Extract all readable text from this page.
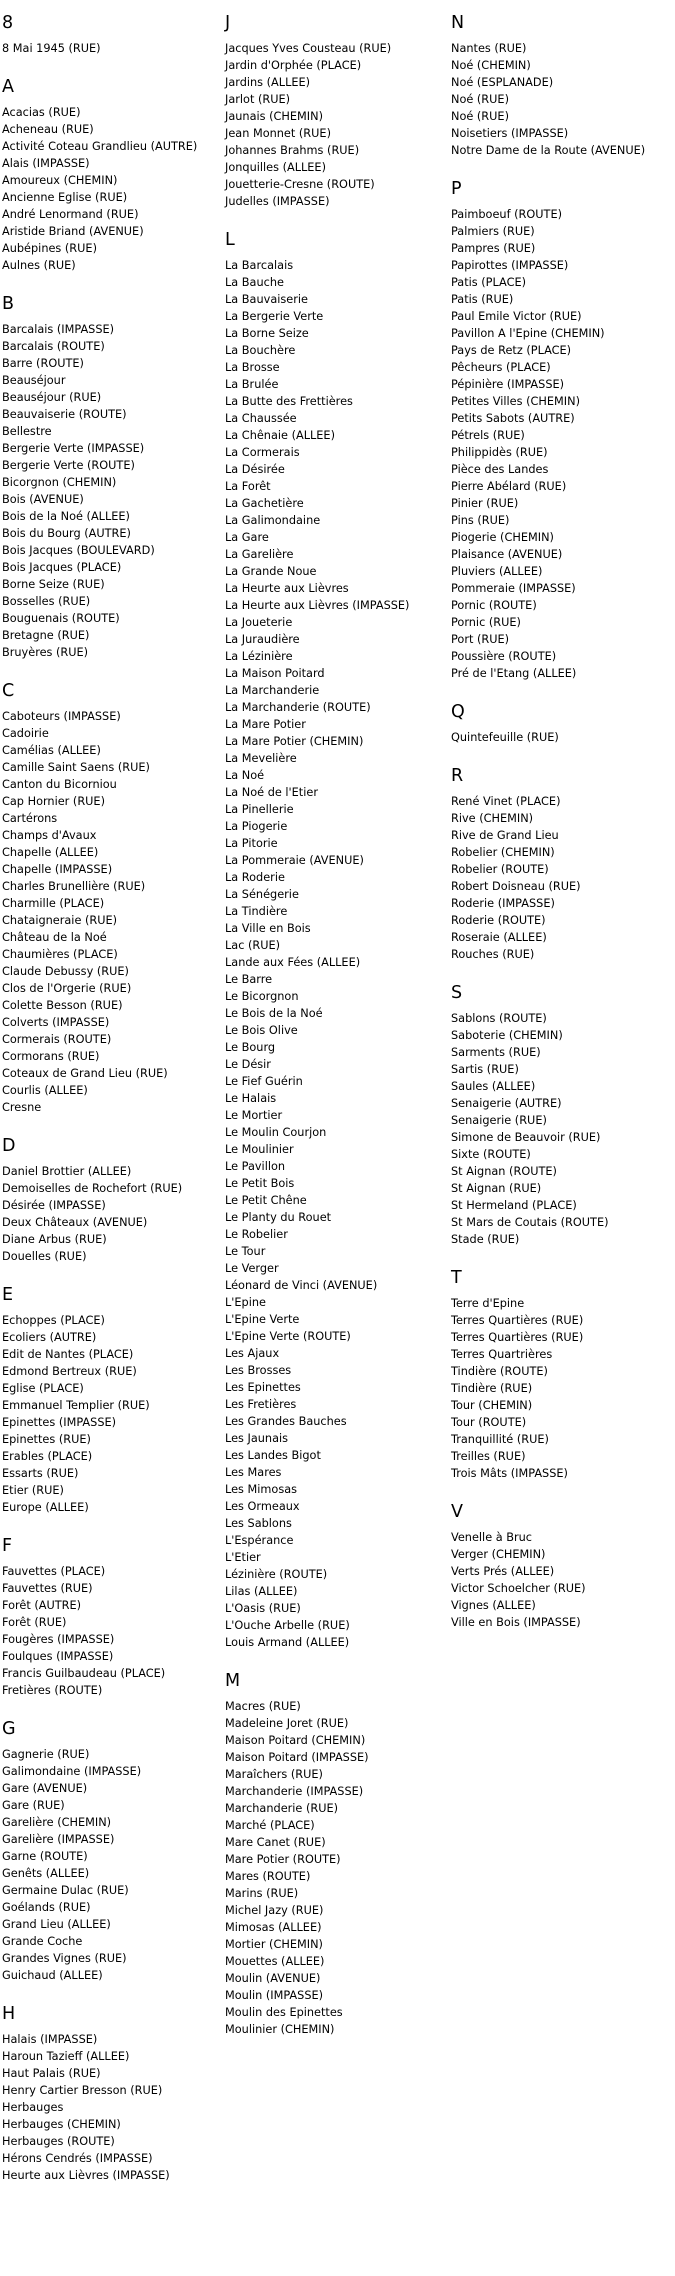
8
8 Mai 1945 (RUE)
A
Acacias (RUE)
Acheneau (RUE)
Activité Coteau Grandlieu (AUTRE)
Alais (IMPASSE)
Amoureux (CHEMIN)
Ancienne Eglise (RUE)
André Lenormand (RUE)
Aristide Briand (AVENUE)
Aubépines (RUE)
Aulnes (RUE)
B
Barcalais (IMPASSE)
Barcalais (ROUTE)
Barre (ROUTE)
Beauséjour
Beauséjour (RUE)
Beauvaiserie (ROUTE)
Bellestre
Bergerie Verte (IMPASSE)
Bergerie Verte (ROUTE)
Bicorgnon (CHEMIN)
Bois (AVENUE)
Bois de la Noé (ALLEE)
Bois du Bourg (AUTRE)
Bois Jacques (BOULEVARD)
Bois Jacques (PLACE)
Borne Seize (RUE)
Bosselles (RUE)
Bouguenais (ROUTE)
Bretagne (RUE)
Bruyères (RUE)
C
Caboteurs (IMPASSE)
Cadoirie
Camélias (ALLEE)
Camille Saint Saens (RUE)
Canton du Bicorniou
Cap Hornier (RUE)
Cartérons
Champs d'Avaux
Chapelle (ALLEE)
Chapelle (IMPASSE)
Charles Brunellière (RUE)
Charmille (PLACE)
Chataigneraie (RUE)
Château de la Noé
Chaumières (PLACE)
Claude Debussy (RUE)
Clos de l'Orgerie (RUE)
Colette Besson (RUE)
Colverts (IMPASSE)
Cormerais (ROUTE)
Cormorans (RUE)
Coteaux de Grand Lieu (RUE)
Courlis (ALLEE)
Cresne
D
Daniel Brottier (ALLEE)
Demoiselles de Rochefort (RUE)
Désirée (IMPASSE)
Deux Châteaux (AVENUE)
Diane Arbus (RUE)
Douelles (RUE)
E
Echoppes (PLACE)
Ecoliers (AUTRE)
Edit de Nantes (PLACE)
Edmond Bertreux (RUE)
Eglise (PLACE)
Emmanuel Templier (RUE)
Epinettes (IMPASSE)
Epinettes (RUE)
Erables (PLACE)
Essarts (RUE)
Etier (RUE)
Europe (ALLEE)
F
Fauvettes (PLACE)
Fauvettes (RUE)
Forêt (AUTRE)
Forêt (RUE)
Fougères (IMPASSE)
Foulques (IMPASSE)
Francis Guilbaudeau (PLACE)
Fretières (ROUTE)
G
Gagnerie (RUE)
Galimondaine (IMPASSE)
Gare (AVENUE)
Gare (RUE)
Garelière (CHEMIN)
Garelière (IMPASSE)
Garne (ROUTE)
Genêts (ALLEE)
Germaine Dulac (RUE)
Goélands (RUE)
Grand Lieu (ALLEE)
Grande Coche
Grandes Vignes (RUE)
Guichaud (ALLEE)
H
Halais (IMPASSE)
Haroun Tazieff (ALLEE)
Haut Palais (RUE)
Henry Cartier Bresson (RUE)
Herbauges
Herbauges (CHEMIN)
Herbauges (ROUTE)
Hérons Cendrés (IMPASSE)
Heurte aux Lièvres (IMPASSE)
J
Jacques Yves Cousteau (RUE)
Jardin d'Orphée (PLACE)
Jardins (ALLEE)
Jarlot (RUE)
Jaunais (CHEMIN)
Jean Monnet (RUE)
Johannes Brahms (RUE)
Jonquilles (ALLEE)
Jouetterie-Cresne (ROUTE)
Judelles (IMPASSE)
L
La Barcalais
La Bauche
La Bauvaiserie
La Bergerie Verte
La Borne Seize
La Bouchère
La Brosse
La Brulée
La Butte des Frettières
La Chaussée
La Chênaie (ALLEE)
La Cormerais
La Désirée
La Forêt
La Gachetière
La Galimondaine
La Gare
La Garelière
La Grande Noue
La Heurte aux Lièvres
La Heurte aux Lièvres (IMPASSE)
La Joueterie
La Juraudière
La Lézinière
La Maison Poitard
La Marchanderie
La Marchanderie (ROUTE)
La Mare Potier
La Mare Potier (CHEMIN)
La Mevelière
La Noé
La Noé de l'Etier
La Pinellerie
La Piogerie
La Pitorie
La Pommeraie (AVENUE)
La Roderie
La Sénégerie
La Tindière
La Ville en Bois
Lac (RUE)
Lande aux Fées (ALLEE)
Le Barre
Le Bicorgnon
Le Bois de la Noé
Le Bois Olive
Le Bourg
Le Désir
Le Fief Guérin
Le Halais
Le Mortier
Le Moulin Courjon
Le Moulinier
Le Pavillon
Le Petit Bois
Le Petit Chêne
Le Planty du Rouet
Le Robelier
Le Tour
Le Verger
Léonard de Vinci (AVENUE)
L'Epine
L'Epine Verte
L'Epine Verte (ROUTE)
Les Ajaux
Les Brosses
Les Epinettes
Les Fretières
Les Grandes Bauches
Les Jaunais
Les Landes Bigot
Les Mares
Les Mimosas
Les Ormeaux
Les Sablons
L'Espérance
L'Etier
Lézinière (ROUTE)
Lilas (ALLEE)
L'Oasis (RUE)
L'Ouche Arbelle (RUE)
Louis Armand (ALLEE)
M
Macres (RUE)
Madeleine Joret (RUE)
Maison Poitard (CHEMIN)
Maison Poitard (IMPASSE)
Maraîchers (RUE)
Marchanderie (IMPASSE)
Marchanderie (RUE)
Marché (PLACE)
Mare Canet (RUE)
Mare Potier (ROUTE)
Mares (ROUTE)
Marins (RUE)
Michel Jazy (RUE)
Mimosas (ALLEE)
Mortier (CHEMIN)
Mouettes (ALLEE)
Moulin (AVENUE)
Moulin (IMPASSE)
Moulin des Epinettes
Moulinier (CHEMIN)
N
Nantes (RUE)
Noé (CHEMIN)
Noé (ESPLANADE)
Noé (RUE)
Noé (RUE)
Noisetiers (IMPASSE)
Notre Dame de la Route (AVENUE)
P
Paimboeuf (ROUTE)
Palmiers (RUE)
Pampres (RUE)
Papirottes (IMPASSE)
Patis (PLACE)
Patis (RUE)
Paul Emile Victor (RUE)
Pavillon A l'Epine (CHEMIN)
Pays de Retz (PLACE)
Pêcheurs (PLACE)
Pépinière (IMPASSE)
Petites Villes (CHEMIN)
Petits Sabots (AUTRE)
Pétrels (RUE)
Philippidès (RUE)
Pièce des Landes
Pierre Abélard (RUE)
Pinier (RUE)
Pins (RUE)
Piogerie (CHEMIN)
Plaisance (AVENUE)
Pluviers (ALLEE)
Pommeraie (IMPASSE)
Pornic (ROUTE)
Pornic (RUE)
Port (RUE)
Poussière (ROUTE)
Pré de l'Etang (ALLEE)
Q
Quintefeuille (RUE)
R
René Vinet (PLACE)
Rive (CHEMIN)
Rive de Grand Lieu
Robelier (CHEMIN)
Robelier (ROUTE)
Robert Doisneau (RUE)
Roderie (IMPASSE)
Roderie (ROUTE)
Roseraie (ALLEE)
Rouches (RUE)
S
Sablons (ROUTE)
Saboterie (CHEMIN)
Sarments (RUE)
Sartis (RUE)
Saules (ALLEE)
Senaigerie (AUTRE)
Senaigerie (RUE)
Simone de Beauvoir (RUE)
Sixte (ROUTE)
St Aignan (ROUTE)
St Aignan (RUE)
St Hermeland (PLACE)
St Mars de Coutais (ROUTE)
Stade (RUE)
T
Terre d'Epine
Terres Quartières (RUE)
Terres Quartières (RUE)
Terres Quartrières
Tindière (ROUTE)
Tindière (RUE)
Tour (CHEMIN)
Tour (ROUTE)
Tranquillité (RUE)
Treilles (RUE)
Trois Mâts (IMPASSE)
V
Venelle à Bruc
Verger (CHEMIN)
Verts Prés (ALLEE)
Victor Schoelcher (RUE)
Vignes (ALLEE)
Ville en Bois (IMPASSE)
